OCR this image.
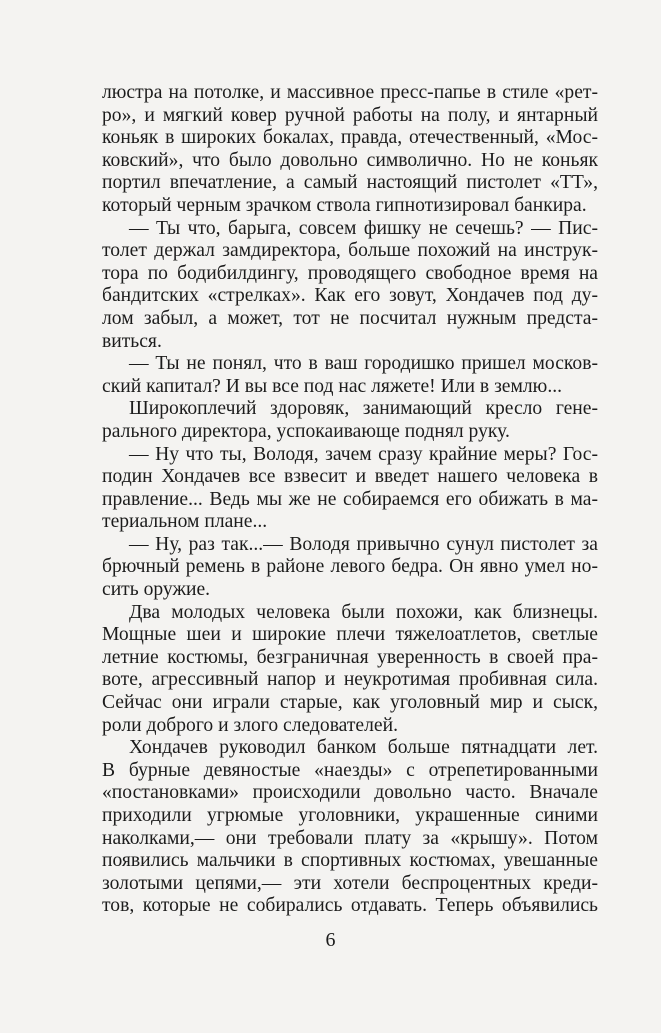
люстра на потолке, и массивное пресс-папье в стиле «рет-
ро», и мягкий ковер ручной работы на полу, и янтарный
коньяк в широких бокалах, правда, отечественный, «Мос-
ковский», что было довольно символично. Но не коньяк
портил впечатление, а самый настоящий пистолет «ТТ»,
который черным зрачком ствола гипнотизировал банкира.
— Ты что, барыга, совсем фишку не сечешь? — Пис-
толет держал замдиректора, больше похожий на инструк-
тора по бодибилдингу, проводящего свободное время на
бандитских «стрелках». Как его зовут, Хондачев под ду-
лом забыл, а может, тот не посчитал нужным предста-
виться.
— Ты не понял, что в ваш городишко пришел москов-
ский капитал? И вы все под нас ляжете! Или в землю...
Широкоплечий здоровяк, занимающий кресло гене-
рального директора, успокаивающе поднял руку.
— Ну что ты, Володя, зачем сразу крайние меры? Гос-
подин Хондачев все взвесит и введет нашего человека в
правление... Ведь мы же не собираемся его обижать в ма-
териальном плане...
— Ну, раз так...— Володя привычно сунул пистолет за
брючный ремень в районе левого бедра. Он явно умел но-
сить оружие.
Два молодых человека были похожи, как близнецы.
Мощные шеи и широкие плечи тяжелоатлетов, светлые
летние костюмы, безграничная уверенность в своей пра-
воте, агрессивный напор и неукротимая пробивная сила.
Сейчас они играли старые, как уголовный мир и сыск,
роли доброго и злого следователей.
Хондачев руководил банком больше пятнадцати лет.
В бурные девяностые «наезды» с отрепетированными
«постановками» происходили довольно часто. Вначале
приходили угрюмые уголовники, украшенные синими
наколками,— они требовали плату за «крышу». Потом
появились мальчики в спортивных костюмах, увешанные
золотыми цепями,— эти хотели беспроцентных креди-
тов, которые не собирались отдавать. Теперь объявились
6
